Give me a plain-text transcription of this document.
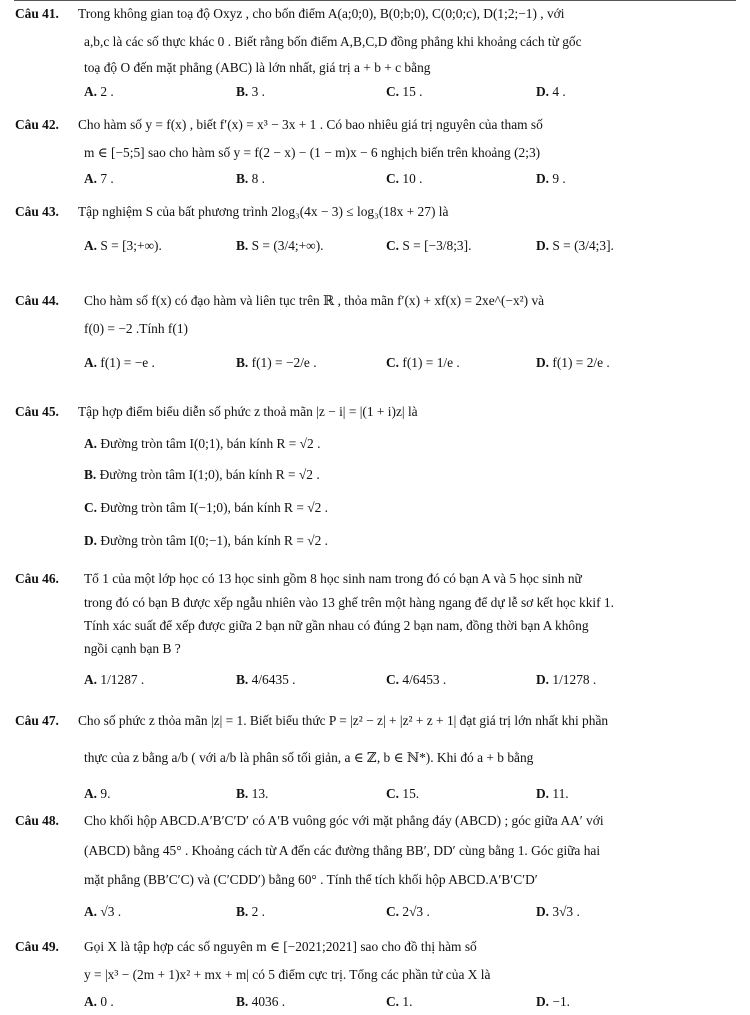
Câu 41. Trong không gian toạ độ Oxyz , cho bốn điểm A(a;0;0), B(0;b;0), C(0;0;c), D(1;2;−1) , với
a,b,c là các số thực khác 0 . Biết rằng bốn điểm A,B,C,D đồng phẳng khi khoảng cách từ gốc
toạ độ O đến mặt phẳng (ABC) là lớn nhất, giá trị a + b + c bằng
A. 2 .	B. 3 .	C. 15 .	D. 4 .
Câu 42. Cho hàm số y = f(x) , biết f′(x) = x³ − 3x + 1 . Có bao nhiêu giá trị nguyên của tham số
m ∈ [−5;5] sao cho hàm số y = f(2 − x) − (1 − m)x − 6 nghịch biến trên khoảng (2;3)
A. 7 .	B. 8 .	C. 10 .	D. 9 .
Câu 43. Tập nghiệm S của bất phương trình 2log₃(4x − 3) ≤ log₃(18x + 27) là
A. S = [3;+∞).	B. S = (3/4;+∞).	C. S = [−3/8;3].	D. S = (3/4;3].
Câu 44. Cho hàm số f(x) có đạo hàm và liên tục trên ℝ , thỏa mãn f′(x) + xf(x) = 2xe^(−x²) và
f(0) = −2 .Tính f(1)
A. f(1) = −e .	B. f(1) = −2/e .	C. f(1) = 1/e .	D. f(1) = 2/e .
Câu 45. Tập hợp điểm biểu diễn số phức z thoả mãn |z − i| = |(1 + i)z| là
A. Đường tròn tâm I(0;1), bán kính R = √2 .
B. Đường tròn tâm I(1;0), bán kính R = √2 .
C. Đường tròn tâm I(−1;0), bán kính R = √2 .
D. Đường tròn tâm I(0;−1), bán kính R = √2 .
Câu 46. Tổ 1 của một lớp học có 13 học sinh gồm 8 học sinh nam trong đó có bạn A và 5 học sinh nữ
trong đó có bạn B được xếp ngẫu nhiên vào 13 ghế trên một hàng ngang để dự lễ sơ kết học kkif 1.
Tính xác suất để xếp được giữa 2 bạn nữ gần nhau có đúng 2 bạn nam, đồng thời bạn A không
ngồi cạnh bạn B ?
A. 1/1287 .	B. 4/6435 .	C. 4/6453 .	D. 1/1278 .
Câu 47. Cho số phức z thỏa mãn |z| = 1. Biết biểu thức P = |z² − z| + |z² + z + 1| đạt giá trị lớn nhất khi phần
thực của z bằng a/b ( với a/b là phân số tối giản, a ∈ ℤ, b ∈ ℕ*). Khi đó a + b bằng
A. 9.	B. 13.	C. 15.	D. 11.
Câu 48. Cho khối hộp ABCD.A′B′C′D′ có A′B vuông góc với mặt phẳng đáy (ABCD) ; góc giữa AA′ với
(ABCD) bằng 45° . Khoảng cách từ A đến các đường thẳng BB′, DD′ cùng bằng 1. Góc giữa hai
mặt phẳng (BB′C′C) và (C′CDD′) bằng 60° . Tính thể tích khối hộp ABCD.A′B′C′D′
A. √3 .	B. 2 .	C. 2√3 .	D. 3√3 .
Câu 49. Gọi X là tập hợp các số nguyên m ∈ [−2021;2021] sao cho đồ thị hàm số
y = |x³ − (2m + 1)x² + mx + m| có 5 điểm cực trị. Tổng các phần tử của X là
A. 0 .	B. 4036 .	C. 1.	D. −1.
